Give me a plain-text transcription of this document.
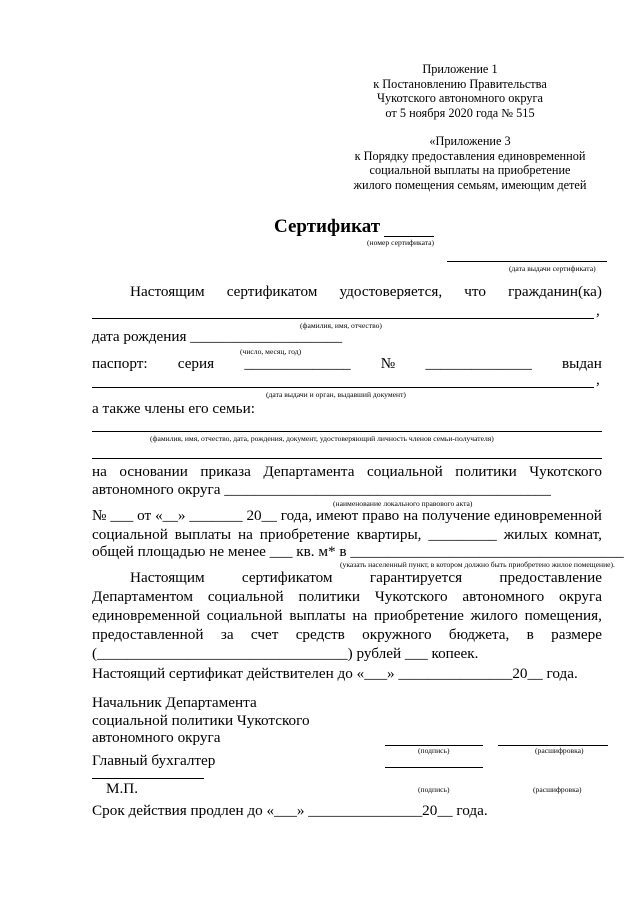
Приложение 1
к Постановлению Правительства
Чукотского автономного округа
от 5 ноября 2020 года № 515
«Приложение 3
к Порядку предоставления единовременной
социальной выплаты на приобретение
жилого помещения семьям, имеющим детей
Сертификат
(номер сертификата)
(дата выдачи сертификата)
Настоящим сертификатом удостоверяется, что гражданин(ка)
,
(фамилия, имя, отчество)
дата рождения ____________________
(число, месяц, год)
паспорт: серия ______________ № ______________ выдан
,
(дата выдачи и орган, выдавший документ)
а также члены его семьи:
(фамилия, имя, отчество, дата, рождения, документ, удостоверяющий личность членов семьи-получателя)
на основании приказа Департамента социальной политики Чукотского
автономного округа ___________________________________________
(наименование локального правового акта)
№ ___ от «__» _______ 20__ года, имеют право на получение единовременной
социальной выплаты на приобретение квартиры, _________ жилых комнат,
общей площадью не менее ___ кв. м* в ____________________________________
(указать населенный пункт, в котором должно быть приобретено жилое помещение).
Настоящим сертификатом гарантируется предоставление
Департаментом социальной политики Чукотского автономного округа
единовременной социальной выплаты на приобретение жилого помещения,
предоставленной за счет средств окружного бюджета, в размере
(_________________________________) рублей ___ копеек.
Настоящий сертификат действителен до «___» _______________20__ года.
Начальник Департамента
социальной политики Чукотского
автономного округа
(подпись)	(расшифровка)
Главный бухгалтер
М.П.	(подпись)	(расшифровка)
Срок действия продлен до «___» _______________20__ года.
